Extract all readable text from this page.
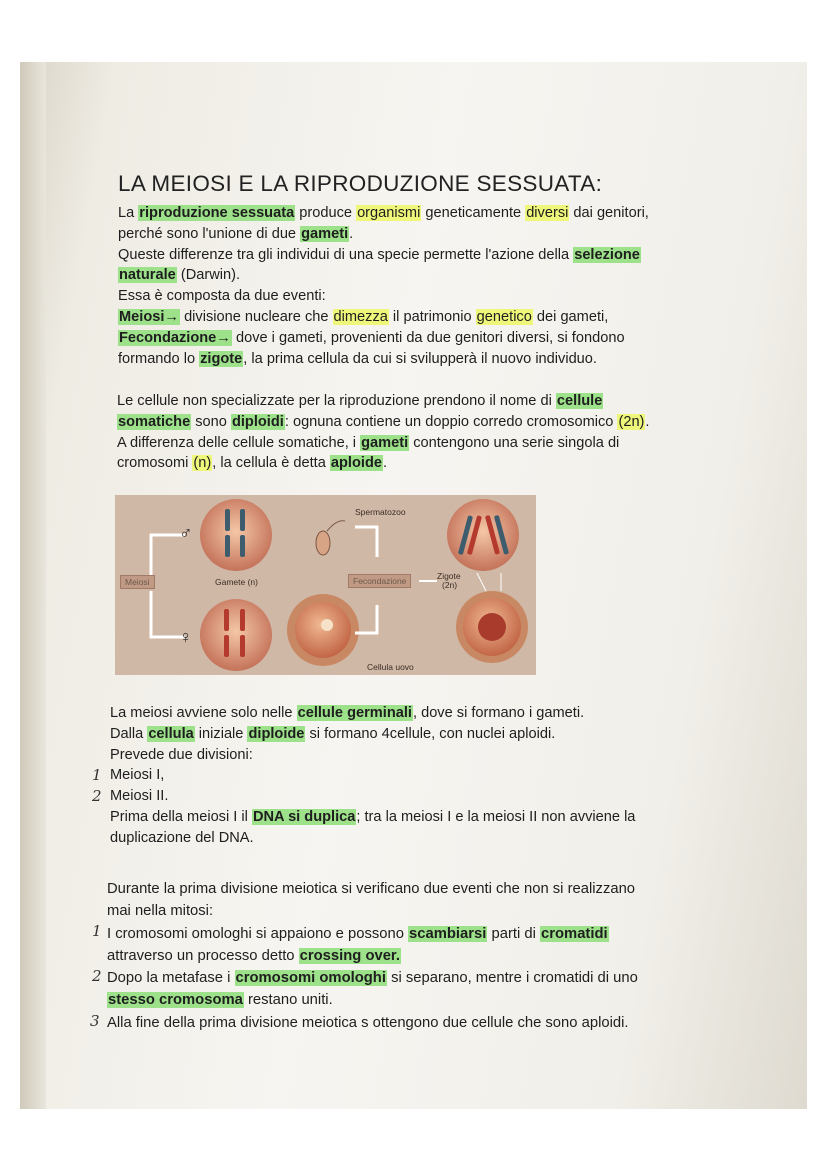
LA MEIOSI E LA RIPRODUZIONE SESSUATA:
La riproduzione sessuata produce organismi geneticamente diversi dai genitori,
perché sono l'unione di due gameti.
Queste differenze tra gli individui di una specie permette l'azione della selezione
naturale (Darwin).
Essa è composta da due eventi:
Meiosi→ divisione nucleare che dimezza il patrimonio genetico dei gameti,
Fecondazione→ dove i gameti, provenienti da due genitori diversi, si fondono
formando lo zigote, la prima cellula da cui si svilupperà il nuovo individuo.
Le cellule non specializzate per la riproduzione prendono il nome di cellule
somatiche sono diploidi: ognuna contiene un doppio corredo cromosomico (2n).
A differenza delle cellule somatiche, i gameti contengono una serie singola di
cromosomi (n), la cellula è detta aploide.
♂
♀
Meiosi	Gamete (n)
Spermatozoo
Fecondazione	Zigote
(2n)
Cellula uovo
La meiosi avviene solo nelle cellule germinali, dove si formano i gameti.
Dalla cellula iniziale diploide si formano 4cellule, con nuclei aploidi.
Prevede due divisioni:
Meiosi I,
Meiosi II.
Prima della meiosi I il DNA si duplica; tra la meiosi I e la meiosi II non avviene la
duplicazione del DNA.
1
2
Durante la prima divisione meiotica si verificano due eventi che non si realizzano
mai nella mitosi:
I cromosomi omologhi si appaiono e possono scambiarsi parti di cromatidi
attraverso un processo detto crossing over.
Dopo la metafase i cromosomi omologhi si separano, mentre i cromatidi di uno
stesso cromosoma restano uniti.
Alla fine della prima divisione meiotica s ottengono due cellule che sono aploidi.
1
2
3
